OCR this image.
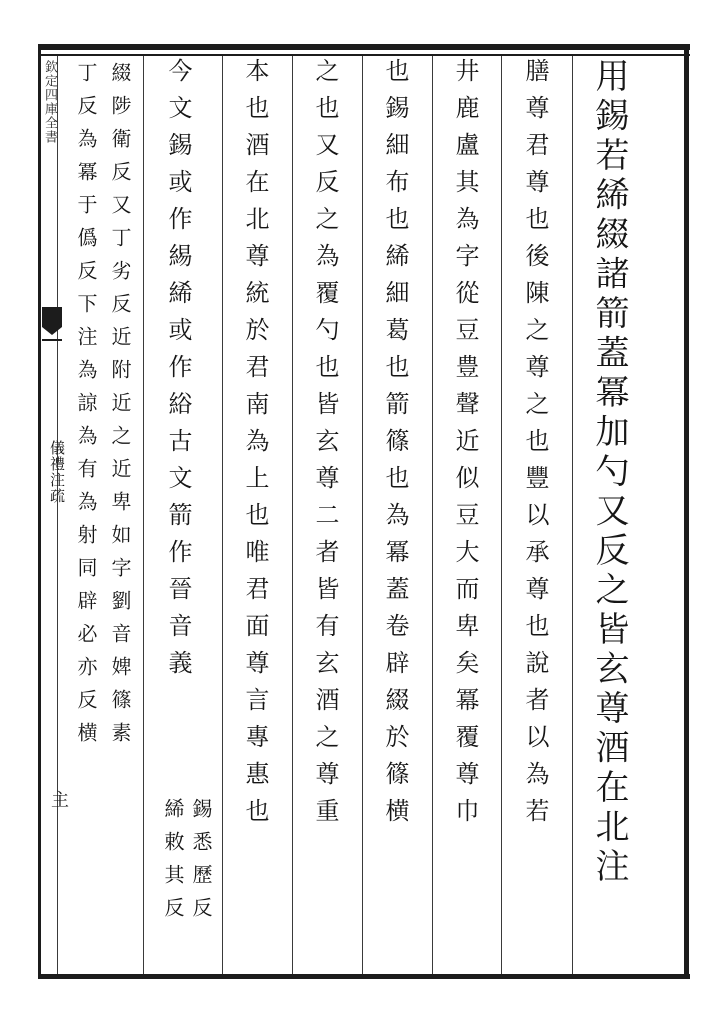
欽定四庫全書
儀禮注疏
主	用錫若絺綴諸箭蓋冪加勺又反之皆玄尊酒在北注
膳尊君尊也後陳之尊之也豐以承尊也說者以為若
井鹿盧其為字從豆豊聲近似豆大而卑矣冪覆尊巾
也錫細布也絺細葛也箭篠也為冪蓋卷辟綴於篠横
之也又反之為覆勺也皆玄尊二者皆有玄酒之尊重
本也酒在北尊統於君南為上也唯君面尊言專惠也
今文錫或作緆絺或作綌古文箭作晉音義
錫悉歷反
絺敕其反
綴陟衛反又丁劣反近附近之近卑如字劉音婢篠素
丁反為冪于僞反下注為諒為有為射同辟必亦反横
